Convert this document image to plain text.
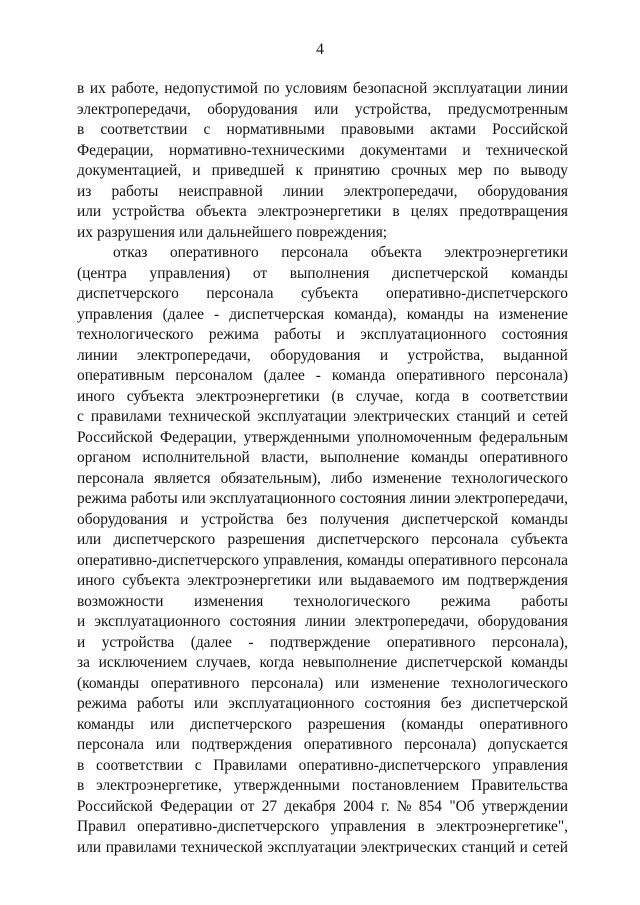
4
в их работе, недопустимой по условиям безопасной эксплуатации линии
электропередачи, оборудования или устройства, предусмотренным
в соответствии с нормативными правовыми актами Российской
Федерации, нормативно-техническими документами и технической
документацией, и приведшей к принятию срочных мер по выводу
из работы неисправной линии электропередачи, оборудования
или устройства объекта электроэнергетики в целях предотвращения
их разрушения или дальнейшего повреждения;
отказ оперативного персонала объекта электроэнергетики
(центра управления) от выполнения диспетчерской команды
диспетчерского персонала субъекта оперативно-диспетчерского
управления (далее - диспетчерская команда), команды на изменение
технологического режима работы и эксплуатационного состояния
линии электропередачи, оборудования и устройства, выданной
оперативным персоналом (далее - команда оперативного персонала)
иного субъекта электроэнергетики (в случае, когда в соответствии
с правилами технической эксплуатации электрических станций и сетей
Российской Федерации, утвержденными уполномоченным федеральным
органом исполнительной власти, выполнение команды оперативного
персонала является обязательным), либо изменение технологического
режима работы или эксплуатационного состояния линии электропередачи,
оборудования и устройства без получения диспетчерской команды
или диспетчерского разрешения диспетчерского персонала субъекта
оперативно-диспетчерского управления, команды оперативного персонала
иного субъекта электроэнергетики или выдаваемого им подтверждения
возможности изменения технологического режима работы
и эксплуатационного состояния линии электропередачи, оборудования
и устройства (далее - подтверждение оперативного персонала),
за исключением случаев, когда невыполнение диспетчерской команды
(команды оперативного персонала) или изменение технологического
режима работы или эксплуатационного состояния без диспетчерской
команды или диспетчерского разрешения (команды оперативного
персонала или подтверждения оперативного персонала) допускается
в соответствии с Правилами оперативно-диспетчерского управления
в электроэнергетике, утвержденными постановлением Правительства
Российской Федерации от 27 декабря 2004 г. № 854 "Об утверждении
Правил оперативно-диспетчерского управления в электроэнергетике",
или правилами технической эксплуатации электрических станций и сетей
